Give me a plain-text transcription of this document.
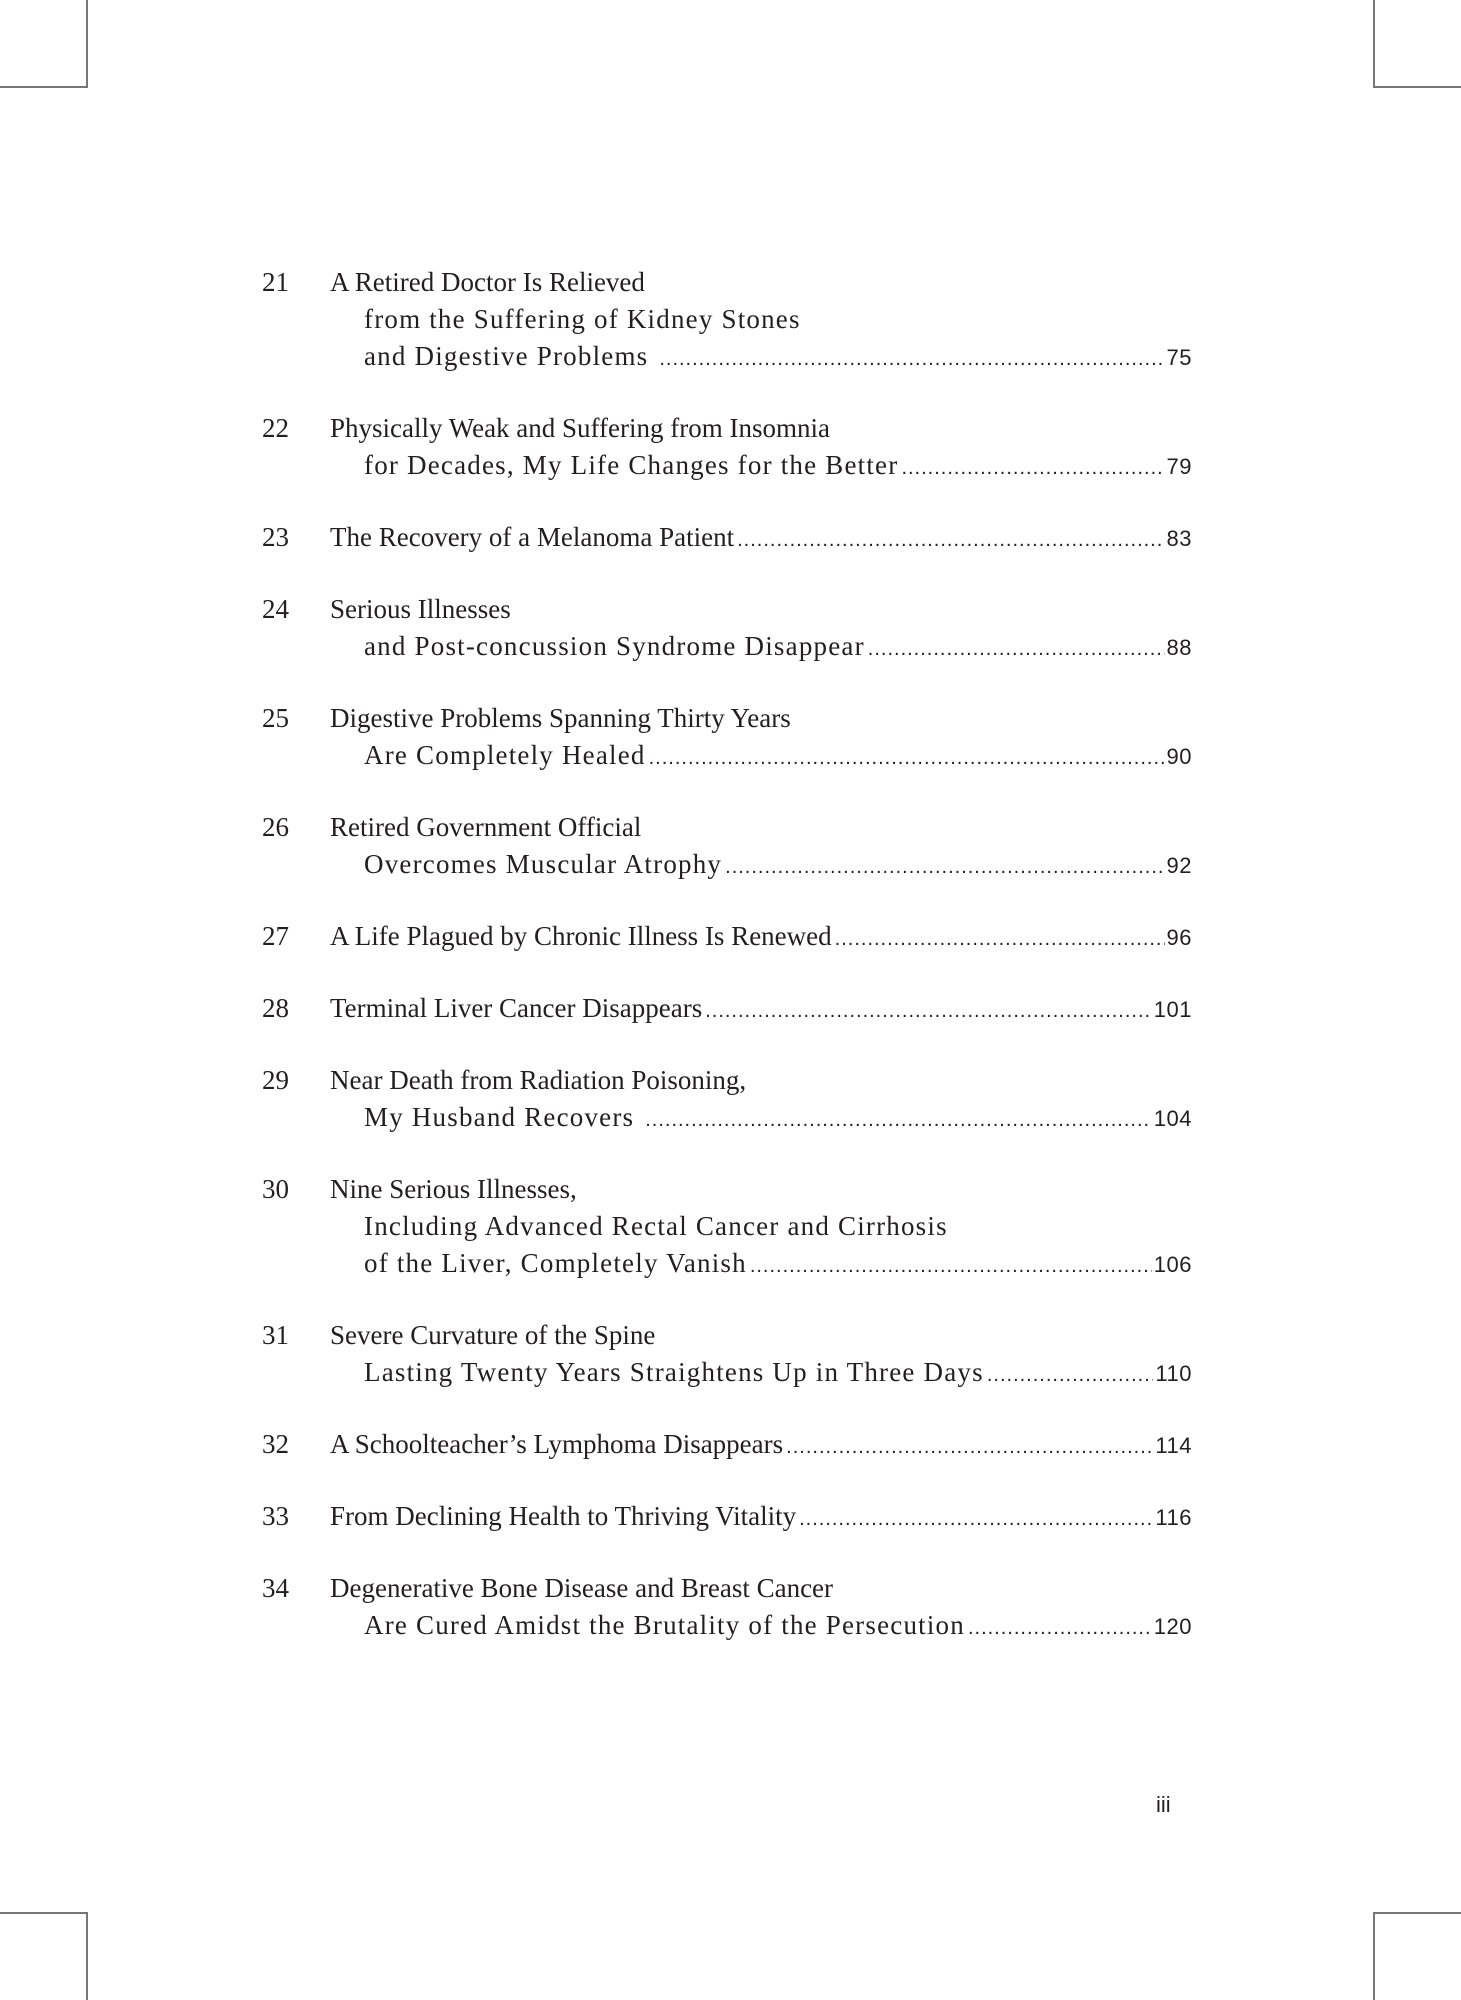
21	A Retired Doctor Is Relieved
from the Suffering of Kidney Stones
and Digestive Problems .....	75
22	Physically Weak and Suffering from Insomnia
for Decades, My Life Changes for the Better .....	79
23	The Recovery of a Melanoma Patient .....	83
24	Serious Illnesses
and Post-concussion Syndrome Disappear .....	88
25	Digestive Problems Spanning Thirty Years
Are Completely Healed .....	90
26	Retired Government Official
Overcomes Muscular Atrophy .....	92
27	A Life Plagued by Chronic Illness Is Renewed .....	96
28	Terminal Liver Cancer Disappears .....	101
29	Near Death from Radiation Poisoning,
My Husband Recovers .....	104
30	Nine Serious Illnesses,
Including Advanced Rectal Cancer and Cirrhosis
of the Liver, Completely Vanish .....	106
31	Severe Curvature of the Spine
Lasting Twenty Years Straightens Up in Three Days .....	110
32	A Schoolteacher’s Lymphoma Disappears .....	114
33	From Declining Health to Thriving Vitality .....	116
34	Degenerative Bone Disease and Breast Cancer
Are Cured Amidst the Brutality of the Persecution .....	120
iii
